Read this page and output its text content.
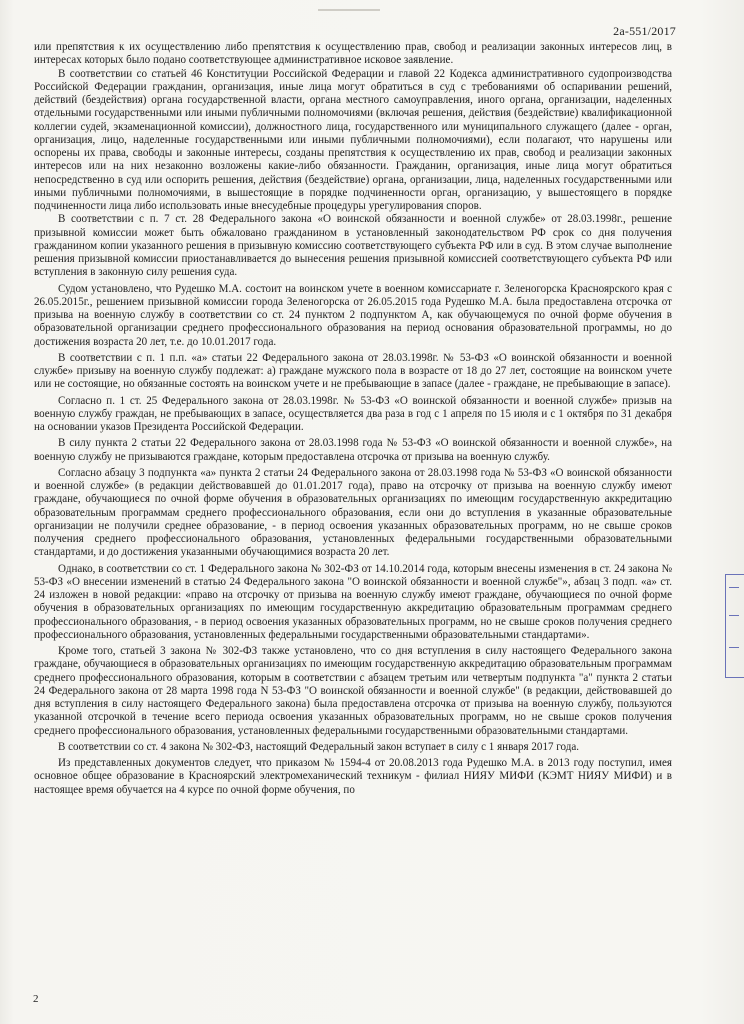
2а-551/2017

или препятствия к их осуществлению либо препятствия к осуществлению прав, свобод и реализации законных интересов лиц, в интересах которых было подано соответствующее административное исковое заявление.

В соответствии со статьей 46 Конституции Российской Федерации и главой 22 Кодекса административного судопроизводства Российской Федерации гражданин, организация, иные лица могут обратиться в суд с требованиями об оспаривании решений, действий (бездействия) органа государственной власти, органа местного самоуправления, иного органа, организации, наделенных отдельными государственными или иными публичными полномочиями (включая решения, действия (бездействие) квалификационной коллегии судей, экзаменационной комиссии), должностного лица, государственного или муниципального служащего (далее - орган, организация, лицо, наделенные государственными или иными публичными полномочиями), если полагают, что нарушены или оспорены их права, свободы и законные интересы, созданы препятствия к осуществлению их прав, свобод и реализации законных интересов или на них незаконно возложены какие-либо обязанности. Гражданин, организация, иные лица могут обратиться непосредственно в суд или оспорить решения, действия (бездействие) органа, организации, лица, наделенных государственными или иными публичными полномочиями, в вышестоящие в порядке подчиненности орган, организацию, у вышестоящего в порядке подчиненности лица либо использовать иные внесудебные процедуры урегулирования споров.

В соответствии с п. 7 ст. 28 Федерального закона «О воинской обязанности и военной службе» от 28.03.1998г., решение призывной комиссии может быть обжаловано гражданином в установленный законодательством РФ срок со дня получения гражданином копии указанного решения в призывную комиссию соответствующего субъекта РФ или в суд. В этом случае выполнение решения призывной комиссии приостанавливается до вынесения решения призывной комиссией соответствующего субъекта РФ или вступления в законную силу решения суда.

Судом установлено, что Рудешко М.А. состоит на воинском учете в военном комиссариате г. Зеленогорска Красноярского края с 26.05.2015г., решением призывной комиссии города Зеленогорска от 26.05.2015 года Рудешко М.А. была предоставлена отсрочка от призыва на военную службу в соответствии со ст. 24 пунктом 2 подпунктом А, как обучающемуся по очной форме обучения в образовательной организации среднего профессионального образования на период основания образовательной программы, но до достижения возраста 20 лет, т.е. до 10.01.2017 года.

В соответствии с п. 1 п.п. «а» статьи 22 Федерального закона от 28.03.1998г. № 53-ФЗ «О воинской обязанности и военной службе» призыву на военную службу подлежат: а) граждане мужского пола в возрасте от 18 до 27 лет, состоящие на воинском учете или не состоящие, но обязанные состоять на воинском учете и не пребывающие в запасе (далее - граждане, не пребывающие в запасе).

Согласно п. 1 ст. 25 Федерального закона от 28.03.1998г. № 53-ФЗ «О воинской обязанности и военной службе» призыв на военную службу граждан, не пребывающих в запасе, осуществляется два раза в год с 1 апреля по 15 июля и с 1 октября по 31 декабря на основании указов Президента Российской Федерации.

В силу пункта 2 статьи 22 Федерального закона от 28.03.1998 года № 53-ФЗ «О воинской обязанности и военной службе», на военную службу не призываются граждане, которым предоставлена отсрочка от призыва на военную службу.

Согласно абзацу 3 подпункта «а» пункта 2 статьи 24 Федерального закона от 28.03.1998 года № 53-ФЗ «О воинской обязанности и военной службе» (в редакции действовавшей до 01.01.2017 года), право на отсрочку от призыва на военную службу имеют граждане, обучающиеся по очной форме обучения в образовательных организациях по имеющим государственную аккредитацию образовательным программам среднего профессионального образования, если они до вступления в указанные образовательные организации не получили среднее образование, - в период освоения указанных образовательных программ, но не свыше сроков получения среднего профессионального образования, установленных федеральными государственными образовательными стандартами, и до достижения указанными обучающимися возраста 20 лет.

Однако, в соответствии со ст. 1 Федерального закона № 302-ФЗ от 14.10.2014 года, которым внесены изменения в ст. 24 закона № 53-ФЗ «О внесении изменений в статью 24 Федерального закона "О воинской обязанности и военной службе"», абзац 3 подп. «а» ст. 24 изложен в новой редакции: «право на отсрочку от призыва на военную службу имеют граждане, обучающиеся по очной форме обучения в образовательных организациях по имеющим государственную аккредитацию образовательным программам среднего профессионального образования, - в период освоения указанных образовательных программ, но не свыше сроков получения среднего профессионального образования, установленных федеральными государственными образовательными стандартами».

Кроме того, статьей 3 закона № 302-ФЗ также установлено, что со дня вступления в силу настоящего Федерального закона граждане, обучающиеся в образовательных организациях по имеющим государственную аккредитацию образовательным программам среднего профессионального образования, которым в соответствии с абзацем третьим или четвертым подпункта "а" пункта 2 статьи 24 Федерального закона от 28 марта 1998 года N 53-ФЗ "О воинской обязанности и военной службе" (в редакции, действовавшей до дня вступления в силу настоящего Федерального закона) была предоставлена отсрочка от призыва на военную службу, пользуются указанной отсрочкой в течение всего периода освоения указанных образовательных программ, но не свыше сроков получения среднего профессионального образования, установленных федеральными государственными образовательными стандартами.

В соответствии со ст. 4 закона № 302-ФЗ, настоящий Федеральный закон вступает в силу с 1 января 2017 года.

Из представленных документов следует, что приказом № 1594-4 от 20.08.2013 года Рудешко М.А. в 2013 году поступил, имея основное общее образование в Красноярский электромеханический техникум - филиал НИЯУ МИФИ (КЭМТ НИЯУ МИФИ) и в настоящее время обучается на 4 курсе по очной форме обучения, по

2
